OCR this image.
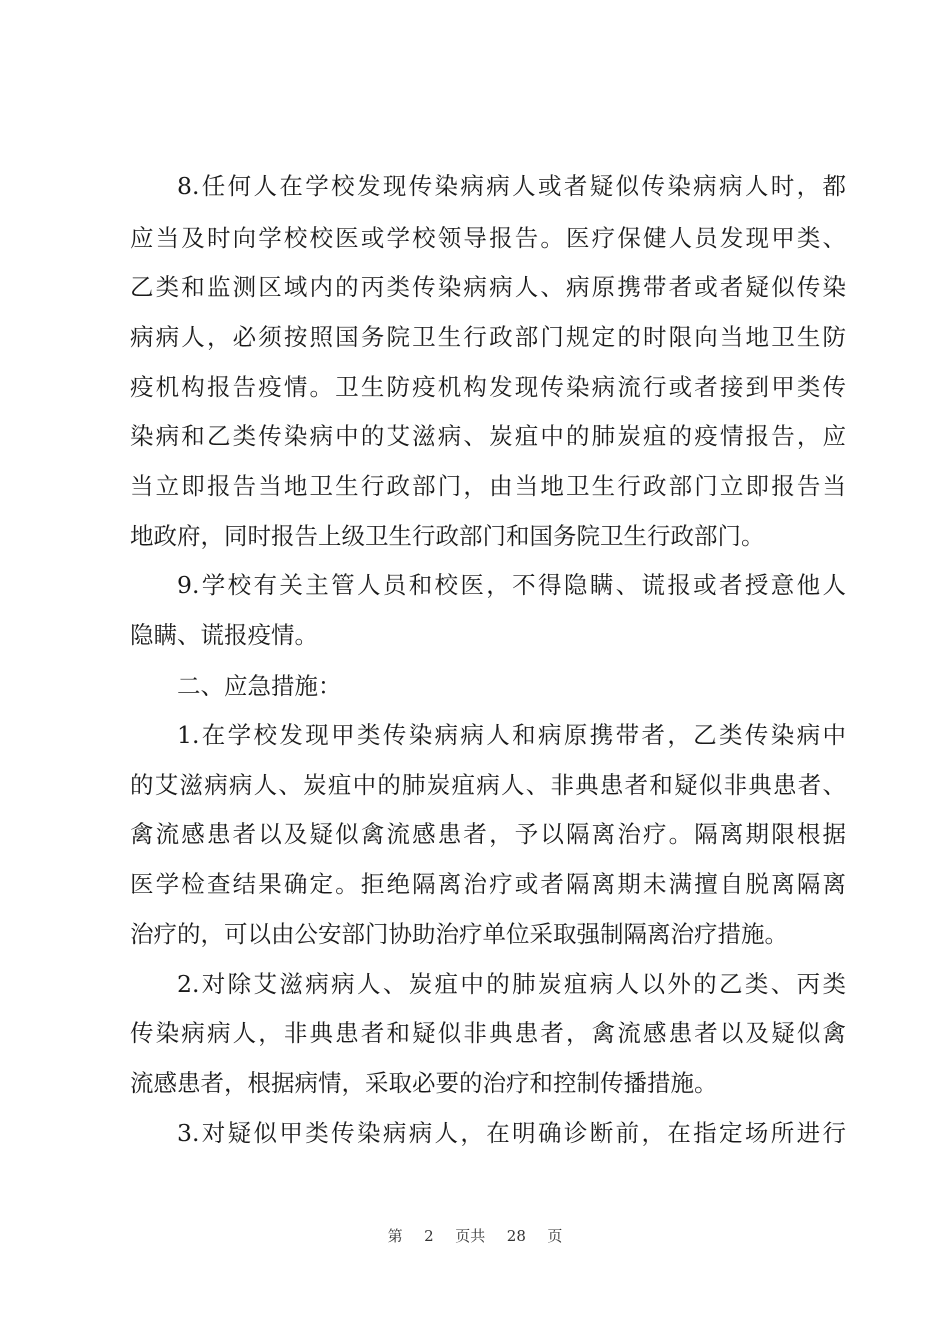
8.任何人在学校发现传染病病人或者疑似传染病病人时，都
应当及时向学校校医或学校领导报告。医疗保健人员发现甲类、
乙类和监测区域内的丙类传染病病人、病原携带者或者疑似传染
病病人，必须按照国务院卫生行政部门规定的时限向当地卫生防
疫机构报告疫情。卫生防疫机构发现传染病流行或者接到甲类传
染病和乙类传染病中的艾滋病、炭疽中的肺炭疽的疫情报告，应
当立即报告当地卫生行政部门，由当地卫生行政部门立即报告当
地政府，同时报告上级卫生行政部门和国务院卫生行政部门。
9.学校有关主管人员和校医，不得隐瞒、谎报或者授意他人
隐瞒、谎报疫情。
二、应急措施：
1.在学校发现甲类传染病病人和病原携带者，乙类传染病中
的艾滋病病人、炭疽中的肺炭疽病人、非典患者和疑似非典患者、
禽流感患者以及疑似禽流感患者，予以隔离治疗。隔离期限根据
医学检查结果确定。拒绝隔离治疗或者隔离期未满擅自脱离隔离
治疗的，可以由公安部门协助治疗单位采取强制隔离治疗措施。
2.对除艾滋病病人、炭疽中的肺炭疽病人以外的乙类、丙类
传染病病人，非典患者和疑似非典患者，禽流感患者以及疑似禽
流感患者，根据病情，采取必要的治疗和控制传播措施。
3.对疑似甲类传染病病人，在明确诊断前，在指定场所进行
第 2 页共 28 页
